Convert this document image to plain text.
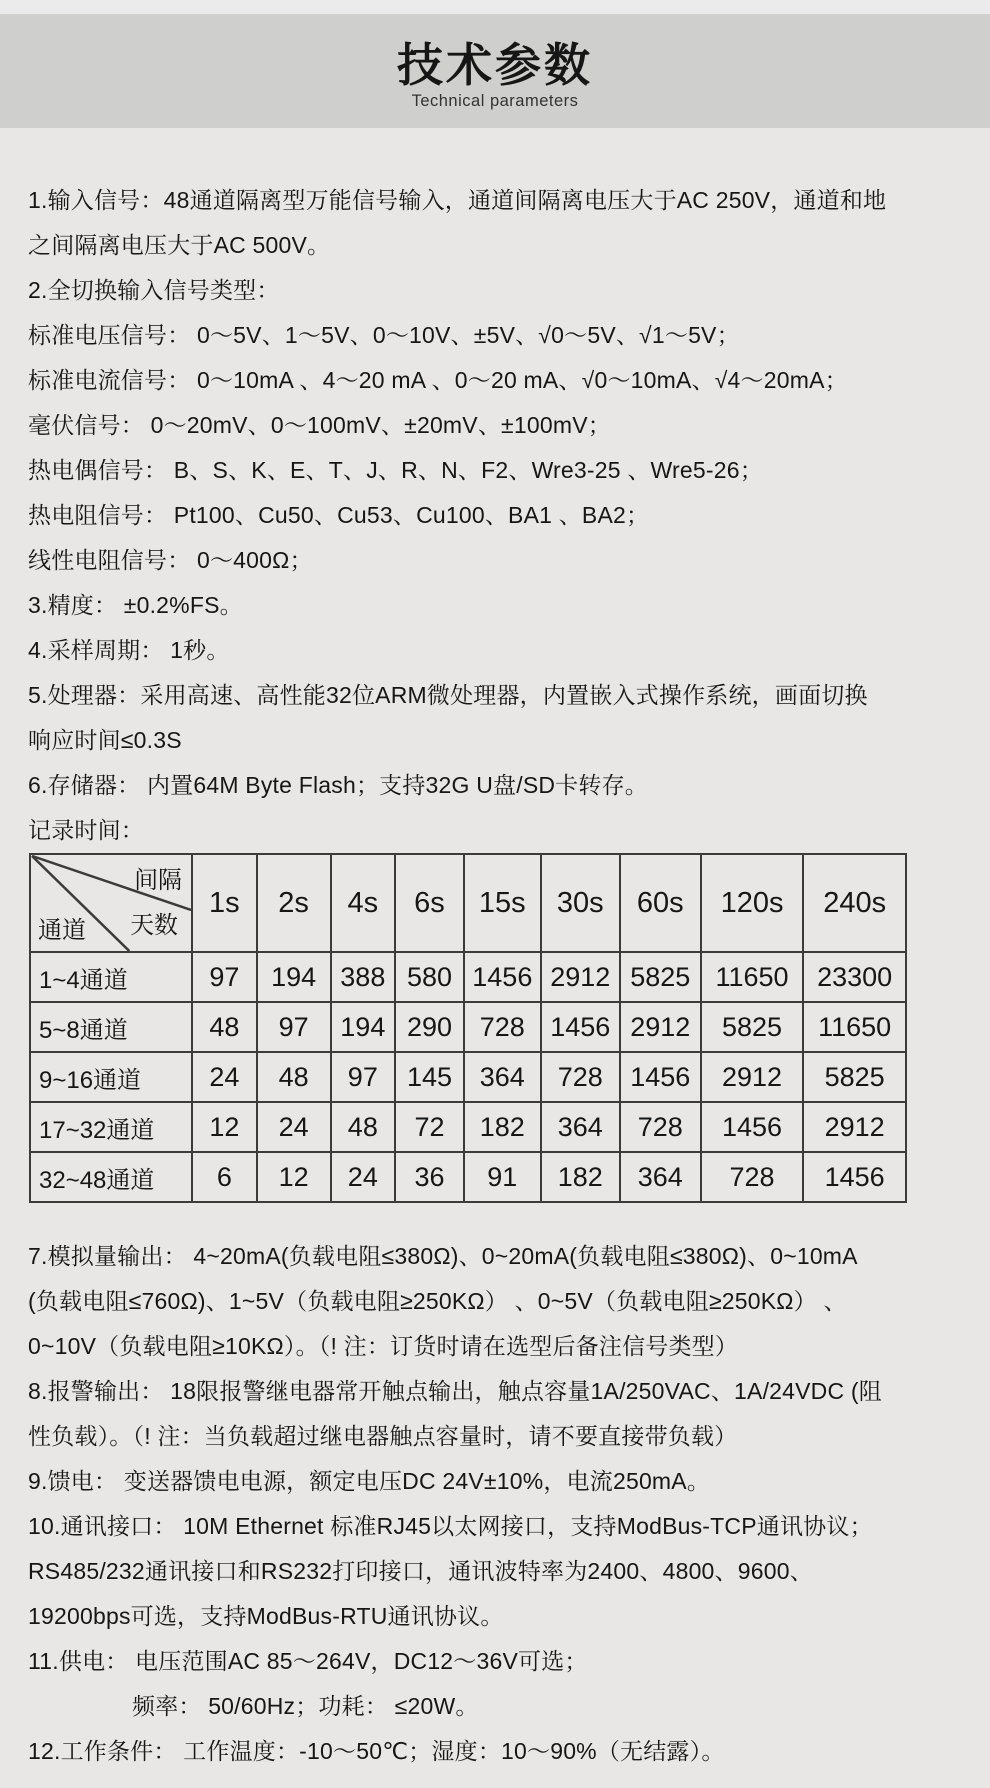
技术参数
Technical parameters
1.输入信号：48通道隔离型万能信号输入，通道间隔离电压大于AC 250V，通道和地
之间隔离电压大于AC 500V。
2.全切换输入信号类型：
标准电压信号： 0～5V、1～5V、0～10V、±5V、√0～5V、√1～5V；
标准电流信号： 0～10mA 、4～20 mA 、0～20 mA、√0～10mA、√4～20mA；
毫伏信号： 0～20mV、0～100mV、±20mV、±100mV；
热电偶信号： B、S、K、E、T、J、R、N、F2、Wre3-25 、Wre5-26；
热电阻信号： Pt100、Cu50、Cu53、Cu100、BA1 、BA2；
线性电阻信号： 0～400Ω；
3.精度： ±0.2%FS。
4.采样周期： 1秒。
5.处理器：采用高速、高性能32位ARM微处理器，内置嵌入式操作系统，画面切换
响应时间≤0.3S
6.存储器： 内置64M Byte Flash；支持32G U盘/SD卡转存。
记录时间：
间隔
天数
通道	1s	2s	4s	6s	15s	30s	60s	120s	240s
1~4通道	97	194	388	580	1456	2912	5825	11650	23300
5~8通道	48	97	194	290	728	1456	2912	5825	11650
9~16通道	24	48	97	145	364	728	1456	2912	5825
17~32通道	12	24	48	72	182	364	728	1456	2912
32~48通道	6	12	24	36	91	182	364	728	1456
7.模拟量输出： 4~20mA(负载电阻≤380Ω)、0~20mA(负载电阻≤380Ω)、0~10mA
(负载电阻≤760Ω)、1~5V（负载电阻≥250KΩ） 、0~5V（负载电阻≥250KΩ） 、
0~10V（负载电阻≥10KΩ）。（! 注：订货时请在选型后备注信号类型）
8.报警输出： 18限报警继电器常开触点输出，触点容量1A/250VAC、1A/24VDC (阻
性负载）。（! 注：当负载超过继电器触点容量时，请不要直接带负载）
9.馈电： 变送器馈电电源，额定电压DC 24V±10%，电流250mA。
10.通讯接口： 10M Ethernet 标准RJ45以太网接口，支持ModBus-TCP通讯协议；
RS485/232通讯接口和RS232打印接口，通讯波特率为2400、4800、9600、
19200bps可选，支持ModBus-RTU通讯协议。
11.供电： 电压范围AC 85～264V，DC12～36V可选；
频率： 50/60Hz；功耗： ≤20W。
12.工作条件： 工作温度：-10～50℃；湿度：10～90%（无结露）。
